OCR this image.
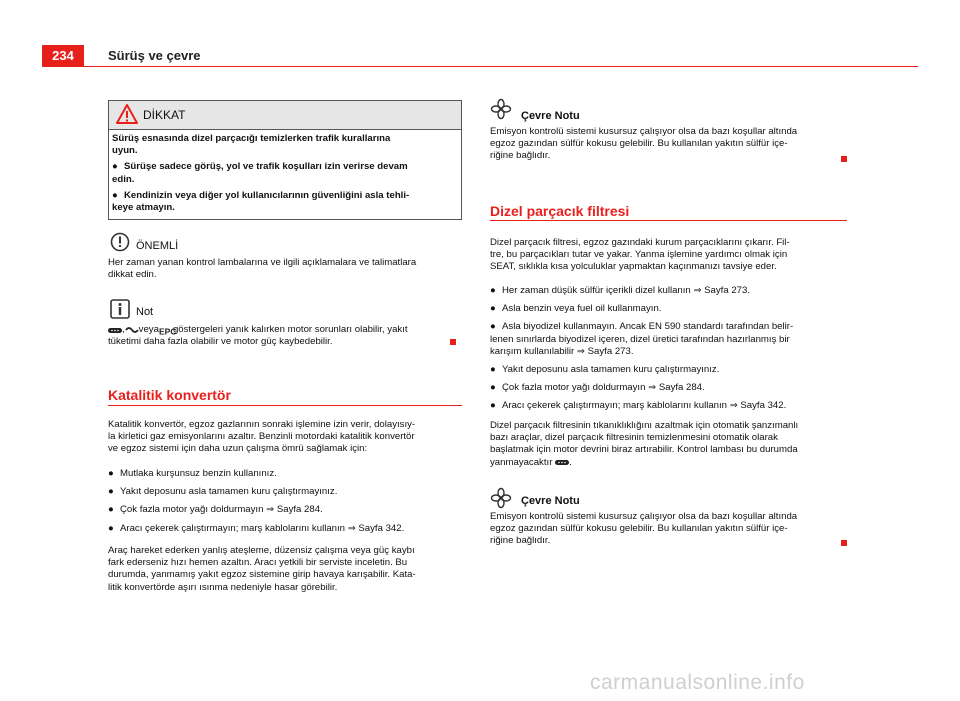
234	Sürüş ve çevre
DİKKAT
Sürüş esnasında dizel parçacığı temizlerken trafik kurallarına
uyun.
● Sürüşe sadece görüş, yol ve trafik koşulları izin verirse devam
edin.
● Kendinizin veya diğer yol kullanıcılarının güvenliğini asla tehli-
keye atmayın.
ÖNEMLİ
Her zaman yanan kontrol lambalarına ve ilgili açıklamalara ve talimatlara
dikkat edin.
Not
, veya EPC
göstergeleri yanık kalırken motor sorunları olabilir, yakıt
tüketimi daha fazla olabilir ve motor güç kaybedebilir.
Katalitik konvertör
Katalitik konvertör, egzoz gazlarının sonraki işlemine izin verir, dolayısıy-
la kirletici gaz emisyonlarını azaltır. Benzinli motordaki katalitik konvertör
ve egzoz sistemi için daha uzun çalışma ömrü sağlamak için:
● Mutlaka kurşunsuz benzin kullanınız.
● Yakıt deposunu asla tamamen kuru çalıştırmayınız.
● Çok fazla motor yağı doldurmayın
⇒ Sayfa 284.
● Aracı çekerek çalıştırmayın; marş kablolarını kullanın
⇒ Sayfa 342.
Araç hareket ederken yanlış ateşleme, düzensiz çalışma veya güç kaybı
fark ederseniz hızı hemen azaltın. Aracı yetkili bir serviste inceletin. Bu
durumda, yanmamış yakıt egzoz sistemine girip havaya karışabilir. Kata-
litik konvertörde aşırı ısınma nedeniyle hasar görebilir.
Çevre Notu
Emisyon kontrolü sistemi kusursuz çalışıyor olsa da bazı koşullar altında
egzoz gazından sülfür kokusu gelebilir. Bu kullanılan yakıtın sülfür içe-
riğine bağlıdır.
Dizel parçacık filtresi
Dizel parçacık filtresi, egzoz gazındaki kurum parçacıklarını çıkarır. Fil-
tre, bu parçacıkları tutar ve yakar. Yanma işlemine yardımcı olmak için
SEAT, sıklıkla kısa yolculuklar yapmaktan kaçınmanızı tavsiye eder.
● Her zaman düşük sülfür içerikli dizel kullanın
⇒ Sayfa 273.
● Asla benzin veya fuel oil kullanmayın.
● Asla biyodizel kullanmayın. Ancak EN 590 standardı tarafından belir-
lenen sınırlarda biyodizel içeren, dizel üretici tarafından hazırlanmış bir
karışım kullanılabilir ⇒ Sayfa 273.
● Yakıt deposunu asla tamamen kuru çalıştırmayınız.
● Çok fazla motor yağı doldurmayın
⇒ Sayfa 284.
● Aracı çekerek çalıştırmayın; marş kablolarını kullanın
⇒ Sayfa 342.
Dizel parçacık filtresinin tıkanıklıklığını azaltmak için otomatik şanzımanlı
bazı araçlar, dizel parçacık filtresinin temizlenmesini otomatik olarak
başlatmak için motor devrini biraz artırabilir. Kontrol lambası bu durumda
yanmayacaktır
.
Çevre Notu
Emisyon kontrolü sistemi kusursuz çalışıyor olsa da bazı koşullar altında
egzoz gazından sülfür kokusu gelebilir. Bu kullanılan yakıtın sülfür içe-
riğine bağlıdır.
carmanualsonline.info
